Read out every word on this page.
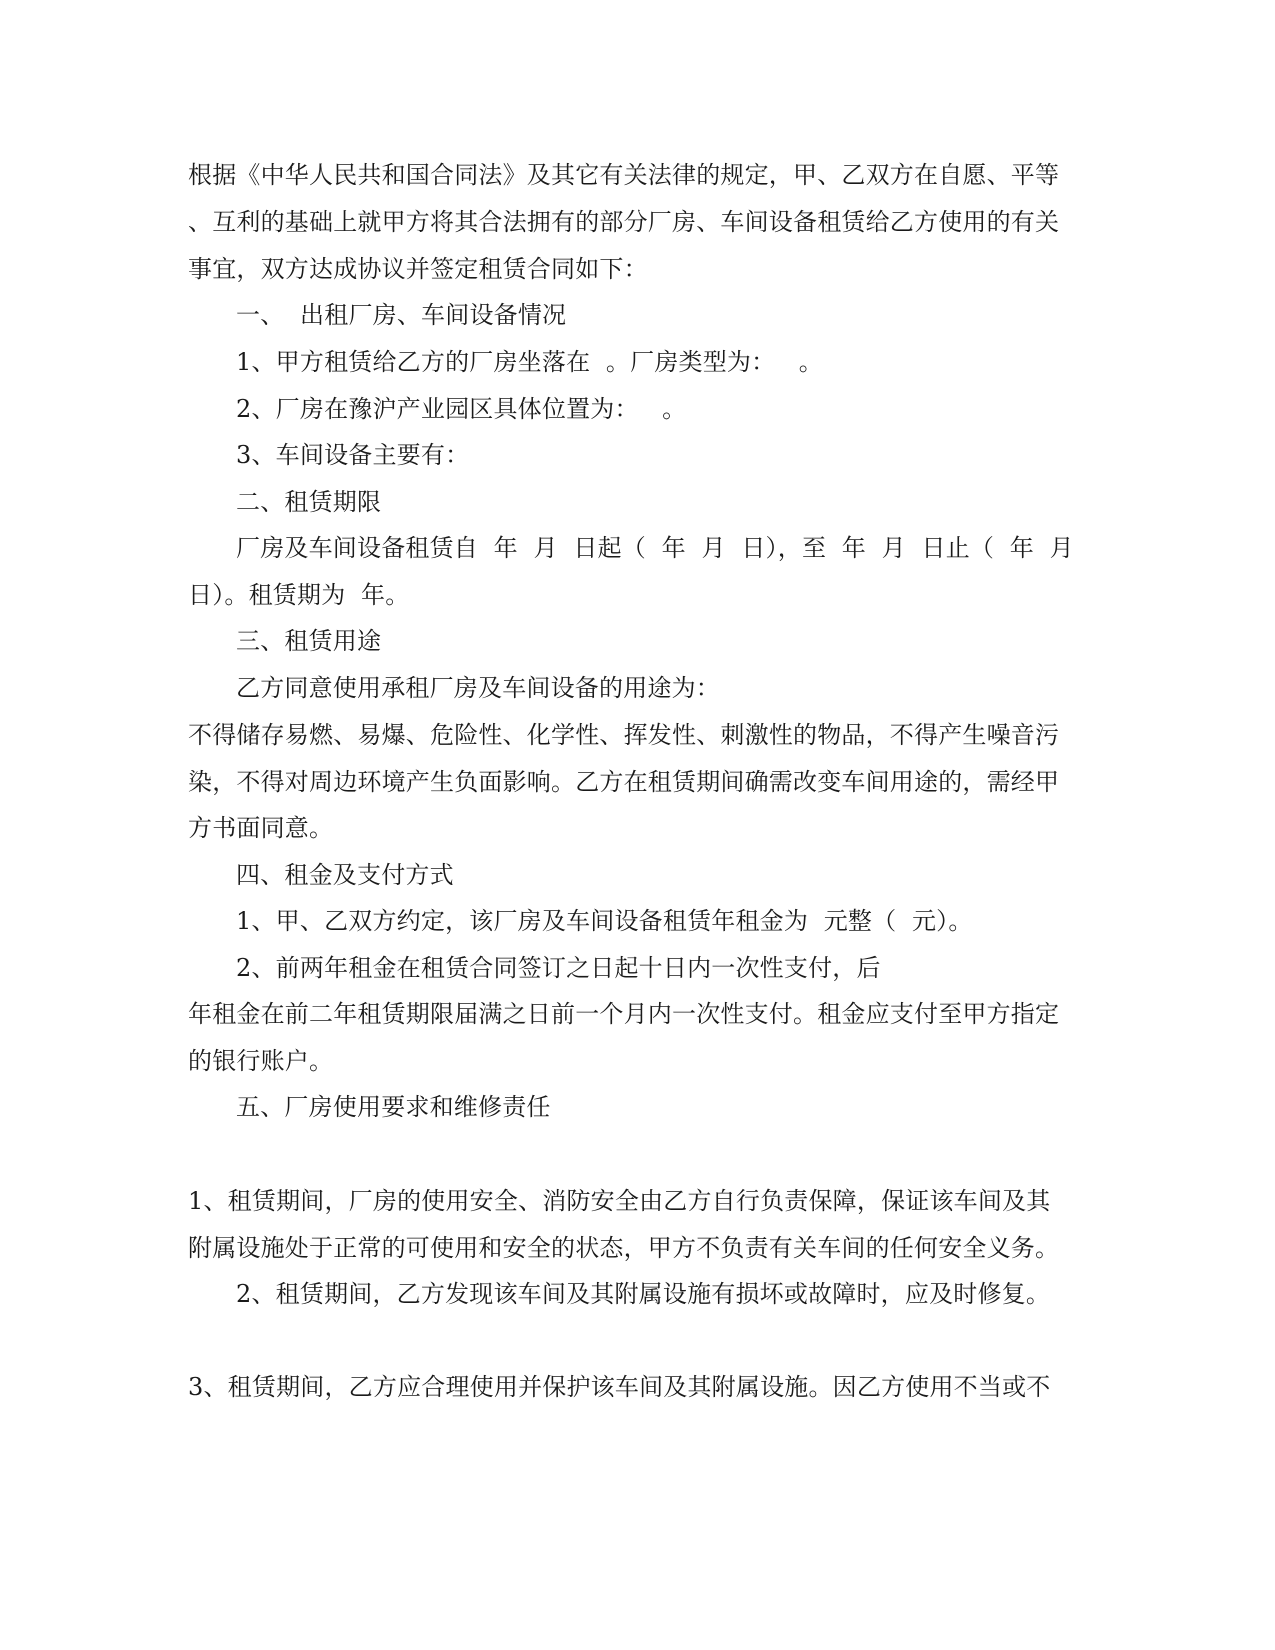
根据《中华人民共和国合同法》及其它有关法律的规定，甲、乙双方在自愿、平等
、互利的基础上就甲方将其合法拥有的部分厂房、车间设备租赁给乙方使用的有关
事宜，双方达成协议并签定租赁合同如下：
一、  出租厂房、车间设备情况
1、甲方租赁给乙方的厂房坐落在  。厂房类型为：   。
2、厂房在豫沪产业园区具体位置为：   。
3、车间设备主要有：
二、租赁期限
厂房及车间设备租赁自  年  月  日起（  年  月  日），至  年  月  日止（  年  月
日）。租赁期为  年。
三、租赁用途
乙方同意使用承租厂房及车间设备的用途为：
不得储存易燃、易爆、危险性、化学性、挥发性、刺激性的物品，不得产生噪音污
染，不得对周边环境产生负面影响。乙方在租赁期间确需改变车间用途的，需经甲
方书面同意。
四、租金及支付方式
1、甲、乙双方约定，该厂房及车间设备租赁年租金为  元整（  元）。
2、前两年租金在租赁合同签订之日起十日内一次性支付，后
年租金在前二年租赁期限届满之日前一个月内一次性支付。租金应支付至甲方指定
的银行账户。
五、厂房使用要求和维修责任
1、租赁期间，厂房的使用安全、消防安全由乙方自行负责保障，保证该车间及其
附属设施处于正常的可使用和安全的状态，甲方不负责有关车间的任何安全义务。
2、租赁期间，乙方发现该车间及其附属设施有损坏或故障时，应及时修复。
3、租赁期间，乙方应合理使用并保护该车间及其附属设施。因乙方使用不当或不
